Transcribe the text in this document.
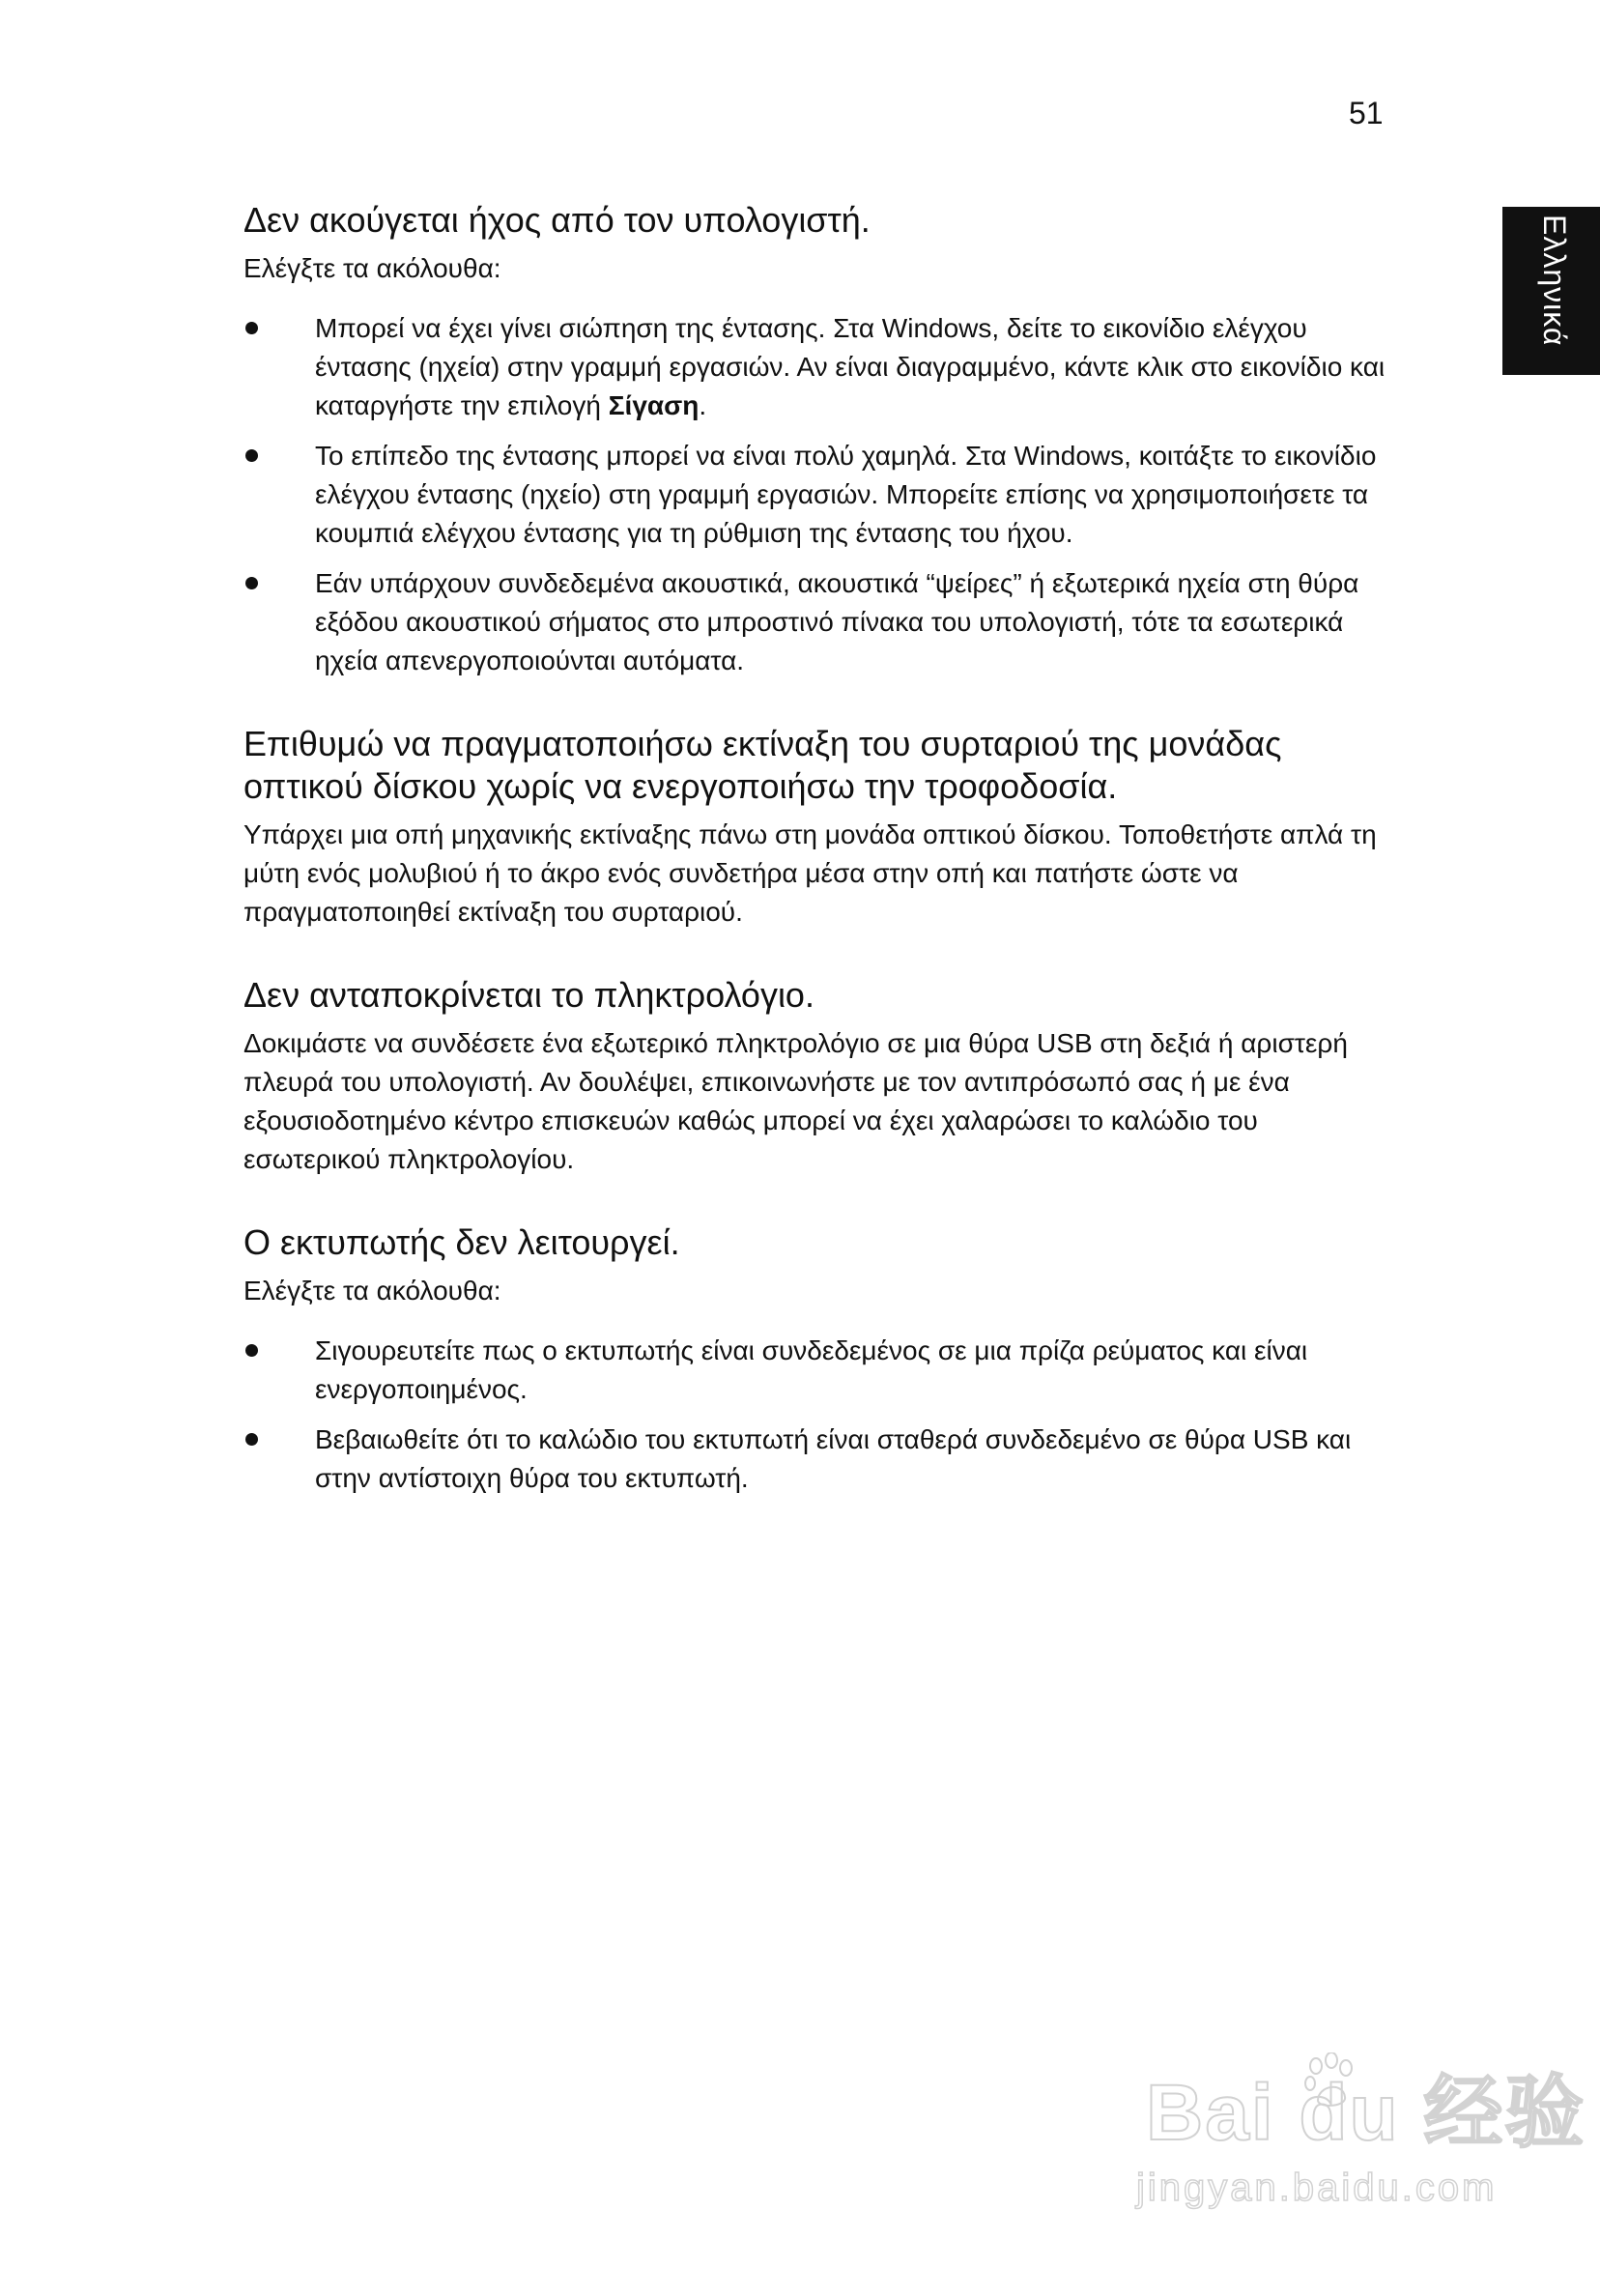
51
Ελληνικά
Δεν ακούγεται ήχος από τον υπολογιστή.

Ελέγξτε τα ακόλουθα:

Μπορεί να έχει γίνει σιώπηση της έντασης. Στα Windows, δείτε το εικονίδιο ελέγχου έντασης (ηχεία) στην γραμμή εργασιών. Αν είναι διαγραμμένο, κάντε κλικ στο εικονίδιο και καταργήστε την επιλογή Σίγαση.
Το επίπεδο της έντασης μπορεί να είναι πολύ χαμηλά. Στα Windows, κοιτάξτε το εικονίδιο ελέγχου έντασης (ηχείο) στη γραμμή εργασιών. Μπορείτε επίσης να χρησιμοποιήσετε τα κουμπιά ελέγχου έντασης για τη ρύθμιση της έντασης του ήχου.
Εάν υπάρχουν συνδεδεμένα ακουστικά, ακουστικά “ψείρες” ή εξωτερικά ηχεία στη θύρα εξόδου ακουστικού σήματος στο μπροστινό πίνακα του υπολογιστή, τότε τα εσωτερικά ηχεία απενεργοποιούνται αυτόματα.
Επιθυμώ να πραγματοποιήσω εκτίναξη του συρταριού της μονάδας οπτικού δίσκου χωρίς να ενεργοποιήσω την τροφοδοσία.

Υπάρχει μια οπή μηχανικής εκτίναξης πάνω στη μονάδα οπτικού δίσκου. Τοποθετήστε απλά τη μύτη ενός μολυβιού ή το άκρο ενός συνδετήρα μέσα στην οπή και πατήστε ώστε να πραγματοποιηθεί εκτίναξη του συρταριού.

Δεν ανταποκρίνεται το πληκτρολόγιο.

Δοκιμάστε να συνδέσετε ένα εξωτερικό πληκτρολόγιο σε μια θύρα USB στη δεξιά ή αριστερή πλευρά του υπολογιστή. Αν δουλέψει, επικοινωνήστε με τον αντιπρόσωπό σας ή με ένα εξουσιοδοτημένο κέντρο επισκευών καθώς μπορεί να έχει χαλαρώσει το καλώδιο του εσωτερικού πληκτρολογίου.

Ο εκτυπωτής δεν λειτουργεί.

Ελέγξτε τα ακόλουθα:

Σιγουρευτείτε πως ο εκτυπωτής είναι συνδεδεμένος σε μια πρίζα ρεύματος και είναι ενεργοποιημένος.
Βεβαιωθείτε ότι το καλώδιο του εκτυπωτή είναι σταθερά συνδεδεμένο σε θύρα USB και στην αντίστοιχη θύρα του εκτυπωτή.
Bai du 经验
jingyan.baidu.com
